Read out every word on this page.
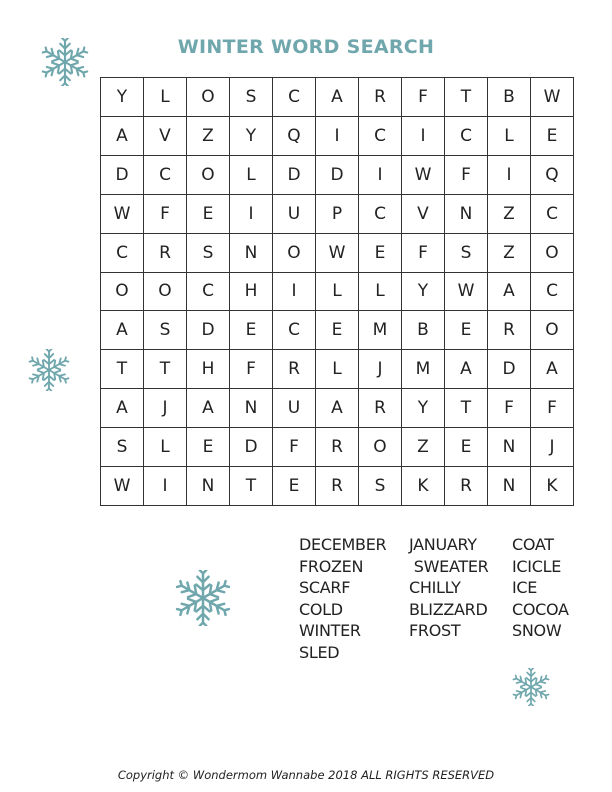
WINTER WORD SEARCH
Y	L	O	S	C	A	R	F	T	B	W
A	V	Z	Y	Q	I	C	I	C	L	E
D	C	O	L	D	D	I	W	F	I	Q
W	F	E	I	U	P	C	V	N	Z	C
C	R	S	N	O	W	E	F	S	Z	O
O	O	C	H	I	L	L	Y	W	A	C
A	S	D	E	C	E	M	B	E	R	O
T	T	H	F	R	L	J	M	A	D	A
A	J	A	N	U	A	R	Y	T	F	F
S	L	E	D	F	R	O	Z	E	N	J
W	I	N	T	E	R	S	K	R	N	K
DECEMBER
FROZEN
SCARF
COLD
WINTER
SLED
JANUARY
SWEATER
CHILLY
BLIZZARD
FROST
COAT
ICICLE
ICE
COCOA
SNOW
Copyright © Wondermom Wannabe 2018 ALL RIGHTS RESERVED
